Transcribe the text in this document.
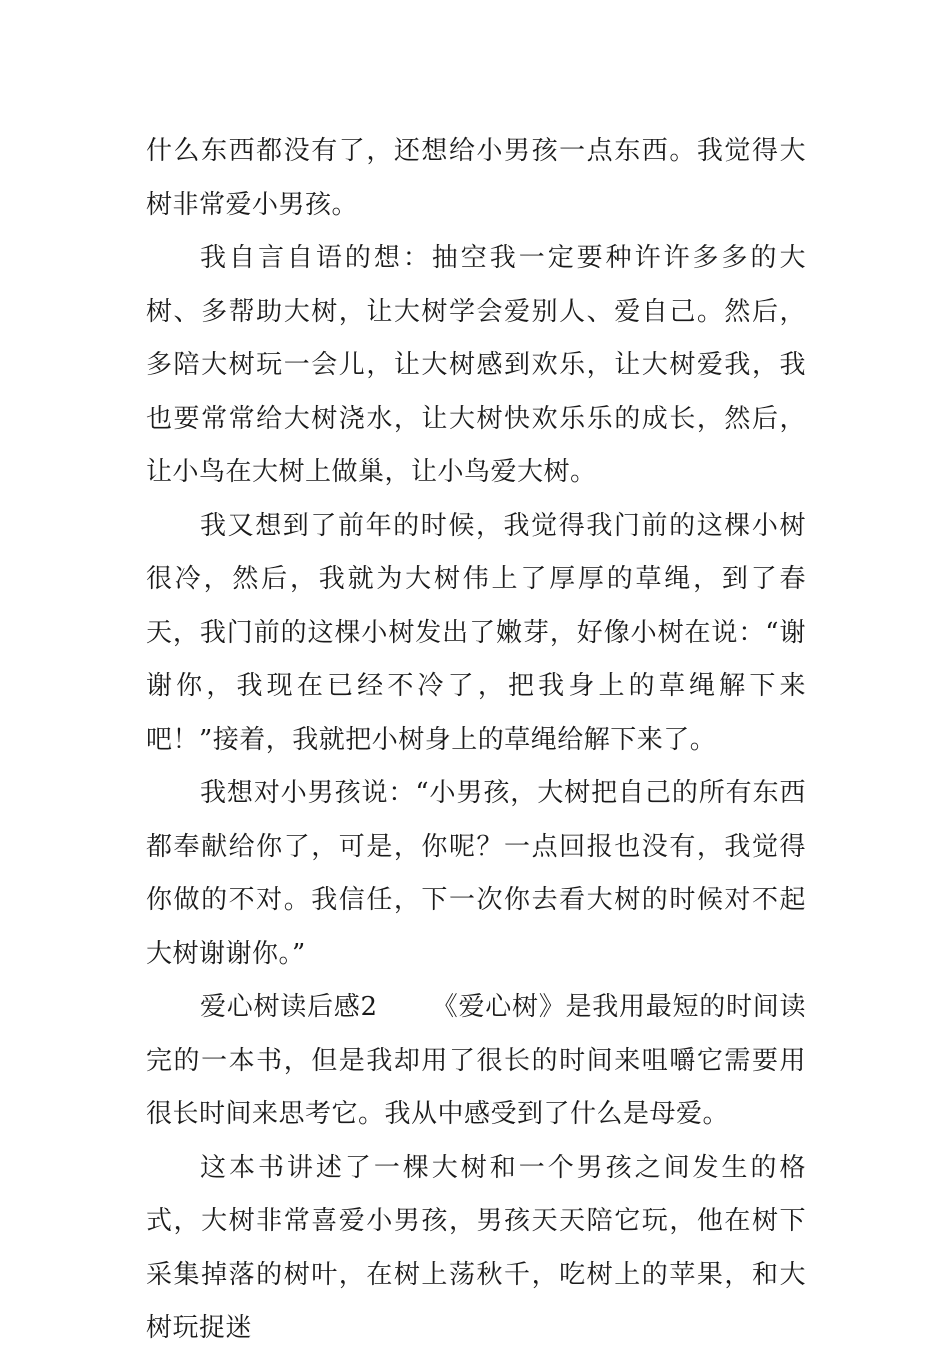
什么东西都没有了，还想给小男孩一点东西。我觉得大树非常爱小男孩。

我自言自语的想：抽空我一定要种许许多多的大树、多帮助大树，让大树学会爱别人、爱自己。然后，多陪大树玩一会儿，让大树感到欢乐，让大树爱我，我也要常常给大树浇水，让大树快欢乐乐的成长，然后，让小鸟在大树上做巢，让小鸟爱大树。

我又想到了前年的时候，我觉得我门前的这棵小树很冷，然后，我就为大树伟上了厚厚的草绳，到了春天，我门前的这棵小树发出了嫩芽，好像小树在说：“谢谢你，我现在已经不冷了，把我身上的草绳解下来吧！”接着，我就把小树身上的草绳给解下来了。

我想对小男孩说：“小男孩，大树把自己的所有东西都奉献给你了，可是，你呢？一点回报也没有，我觉得你做的不对。我信任，下一次你去看大树的时候对不起大树谢谢你。”

爱心树读后感2 《爱心树》是我用最短的时间读完的一本书，但是我却用了很长的时间来咀嚼它需要用很长时间来思考它。我从中感受到了什么是母爱。

这本书讲述了一棵大树和一个男孩之间发生的格式，大树非常喜爱小男孩，男孩天天陪它玩，他在树下采集掉落的树叶，在树上荡秋千，吃树上的苹果，和大树玩捉迷
